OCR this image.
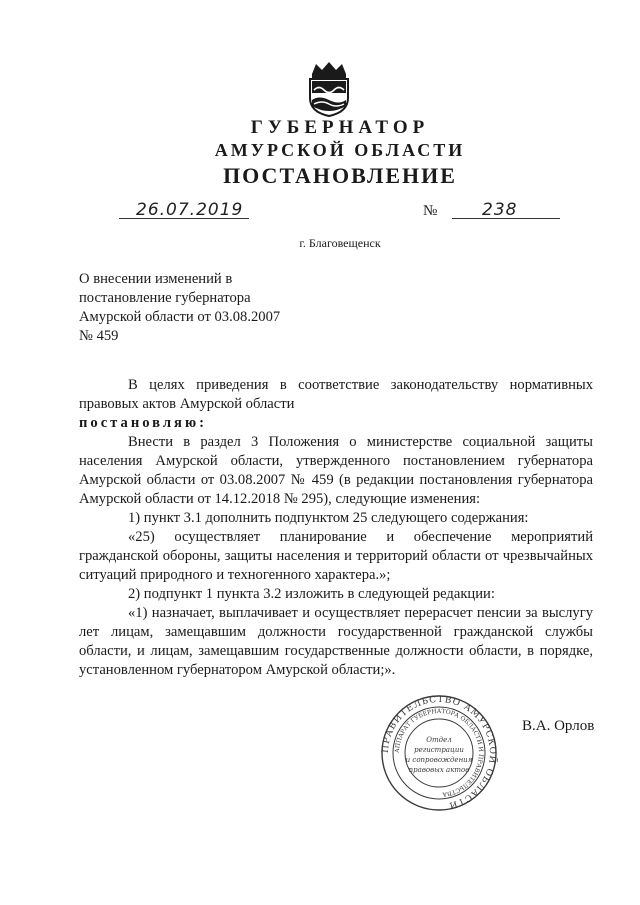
ГУБЕРНАТОР
АМУРСКОЙ ОБЛАСТИ
ПОСТАНОВЛЕНИЕ
26.07.2019	№	238
г. Благовещенск
О внесении изменений в
постановление губернатора
Амурской области от 03.08.2007
№ 459
В целях приведения в соответствие законодательству нормативных правовых актов Амурской области
постановляю:
Внести в раздел 3 Положения о министерстве социальной защиты населения Амурской области, утвержденного постановлением губернатора Амурской области от 03.08.2007 № 459 (в редакции постановления губернатора Амурской области от 14.12.2018 № 295), следующие изменения:
1) пункт 3.1 дополнить подпунктом 25 следующего содержания:
«25) осуществляет планирование и обеспечение мероприятий гражданской обороны, защиты населения и территорий области от чрезвычайных ситуаций природного и техногенного характера.»;
2) подпункт 1 пункта 3.2 изложить в следующей редакции:
«1) назначает, выплачивает и осуществляет перерасчет пенсии за выслугу лет лицам, замещавшим должности государственной гражданской службы области, и лицам, замещавшим государственные должности области, в порядке, установленном губернатором Амурской области;».
ПРАВИТЕЛЬСТВО АМУРСКОЙ ОБЛАСТИ
АППАРАТ ГУБЕРНАТОРА ОБЛАСТИ И ПРАВИТЕЛЬСТВА
Отдел
регистрации
и сопровождения
правовых актов
В.А. Орлов
